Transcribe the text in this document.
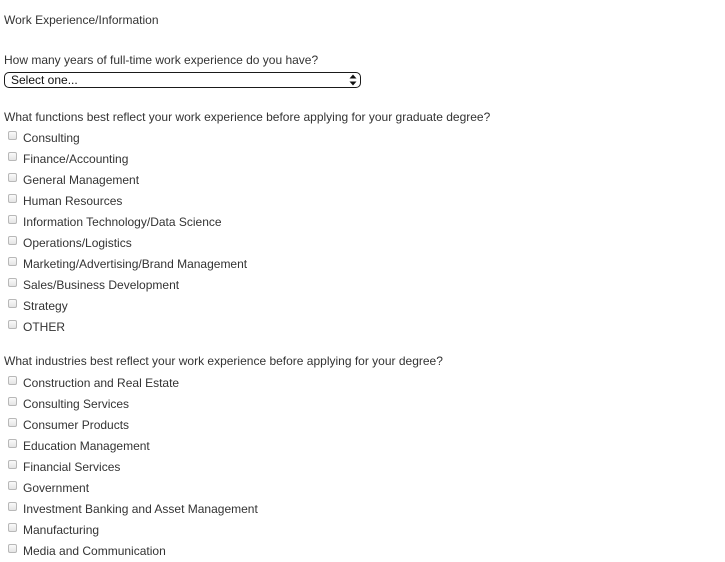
Work Experience/Information
How many years of full-time work experience do you have?
Select one...
What functions best reflect your work experience before applying for your graduate degree?
Consulting
Finance/Accounting
General Management
Human Resources
Information Technology/Data Science
Operations/Logistics
Marketing/Advertising/Brand Management
Sales/Business Development
Strategy
OTHER
What industries best reflect your work experience before applying for your degree?
Construction and Real Estate
Consulting Services
Consumer Products
Education Management
Financial Services
Government
Investment Banking and Asset Management
Manufacturing
Media and Communication
